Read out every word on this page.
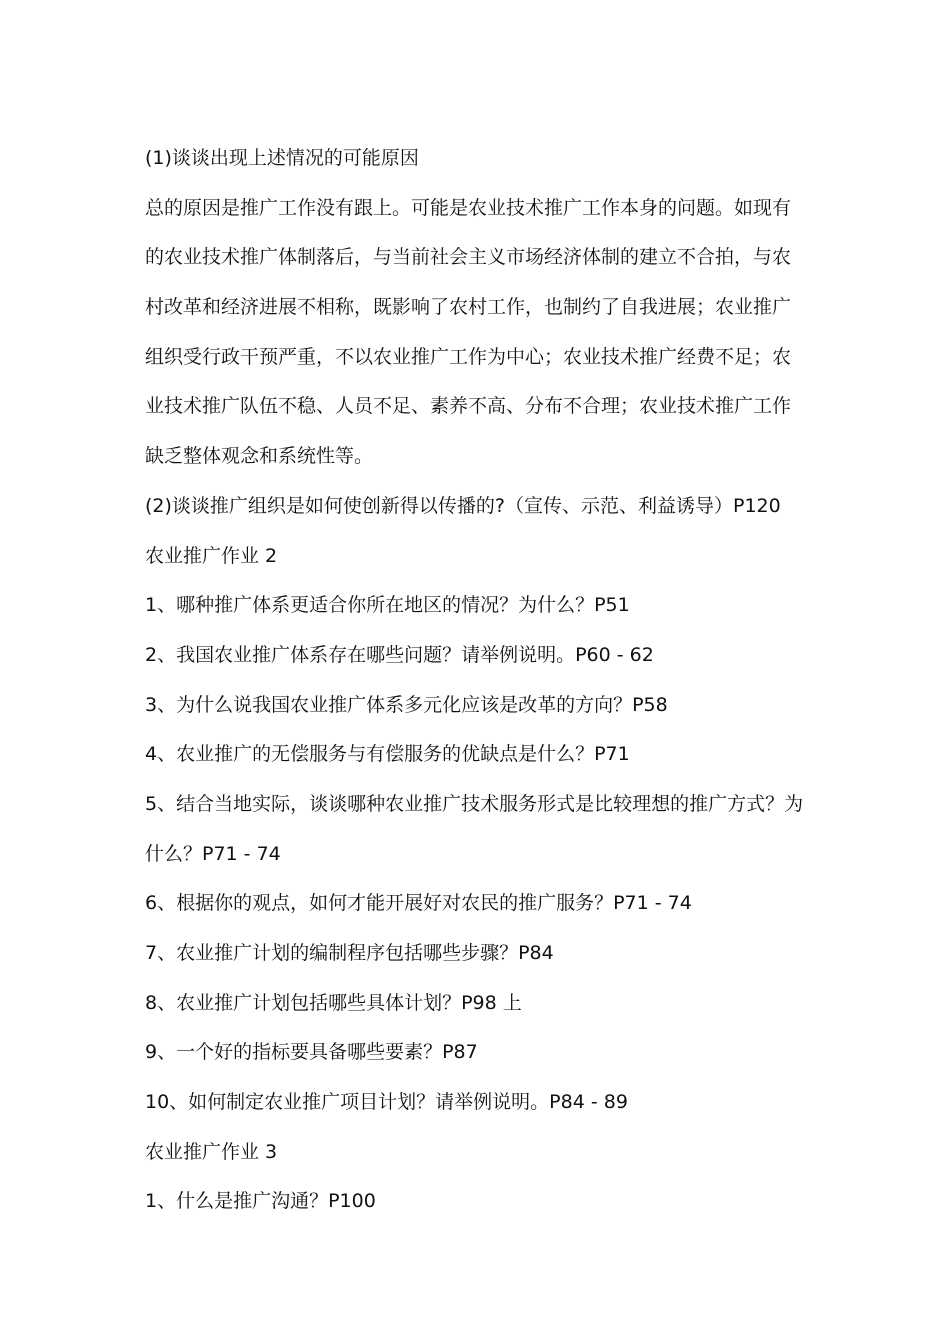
(1)谈谈出现上述情况的可能原因
总的原因是推广工作没有跟上。可能是农业技术推广工作本身的问题。如现有
的农业技术推广体制落后，与当前社会主义市场经济体制的建立不合拍，与农
村改革和经济进展不相称，既影响了农村工作，也制约了自我进展；农业推广
组织受行政干预严重，不以农业推广工作为中心；农业技术推广经费不足；农
业技术推广队伍不稳、人员不足、素养不高、分布不合理；农业技术推广工作
缺乏整体观念和系统性等。
(2)谈谈推广组织是如何使创新得以传播的?（宣传、示范、利益诱导）P120
农业推广作业 2
1、哪种推广体系更适合你所在地区的情况？为什么？P51
2、我国农业推广体系存在哪些问题？请举例说明。P60 - 62
3、为什么说我国农业推广体系多元化应该是改革的方向？P58
4、农业推广的无偿服务与有偿服务的优缺点是什么？P71
5、结合当地实际，谈谈哪种农业推广技术服务形式是比较理想的推广方式？为
什么？P71 - 74
6、根据你的观点，如何才能开展好对农民的推广服务？P71 - 74
7、农业推广计划的编制程序包括哪些步骤？P84
8、农业推广计划包括哪些具体计划？P98 上
9、一个好的指标要具备哪些要素？P87
10、如何制定农业推广项目计划？请举例说明。P84 - 89
农业推广作业 3
1、什么是推广沟通？P100
